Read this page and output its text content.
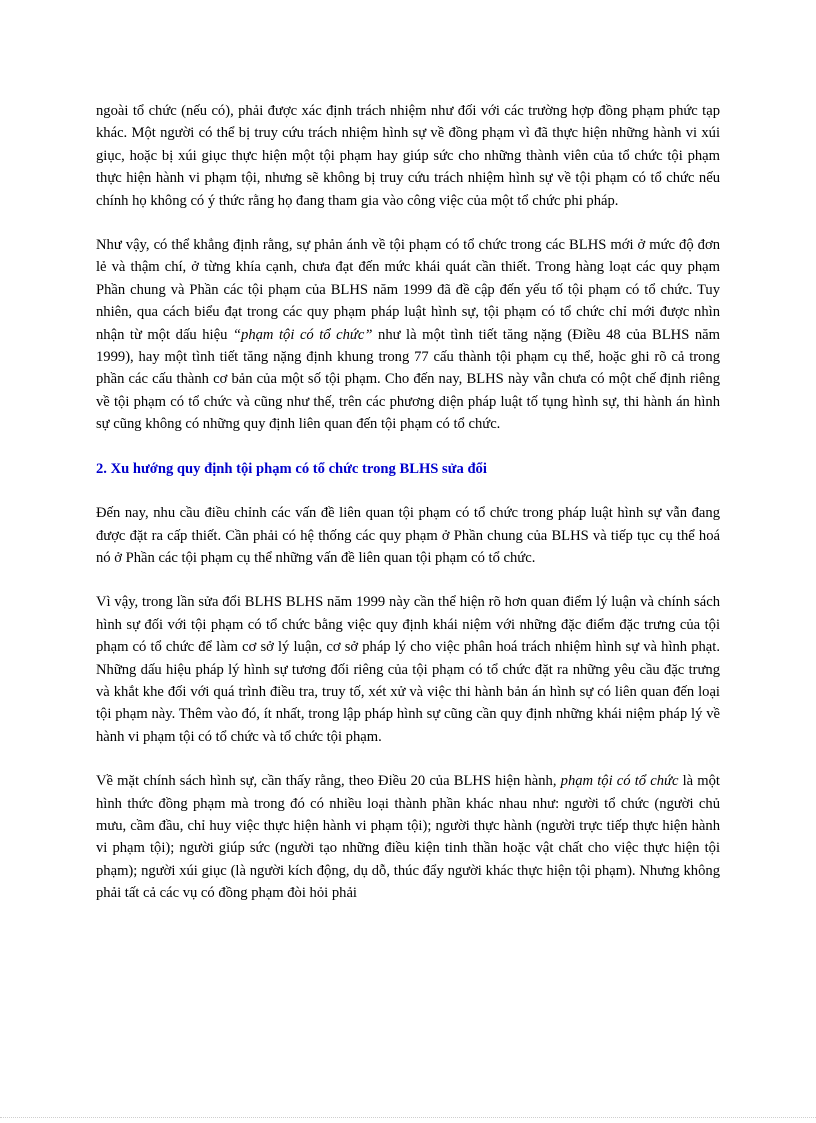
ngoài tổ chức (nếu có), phải được xác định trách nhiệm như đối với các trường hợp đồng phạm phức tạp khác. Một người có thể bị truy cứu trách nhiệm hình sự về đồng phạm vì đã thực hiện những hành vi xúi giục, hoặc bị xúi giục thực hiện một tội phạm hay giúp sức cho những thành viên của tổ chức tội phạm thực hiện hành vi phạm tội, nhưng sẽ không bị truy cứu trách nhiệm hình sự về tội phạm có tổ chức nếu chính họ không có ý thức rằng họ đang tham gia vào công việc của một tổ chức phi pháp.

Như vậy, có thể khẳng định rằng, sự phản ánh về tội phạm có tổ chức trong các BLHS mới ở mức độ đơn lẻ và thậm chí, ở từng khía cạnh, chưa đạt đến mức khái quát cần thiết. Trong hàng loạt các quy phạm Phần chung và Phần các tội phạm của BLHS năm 1999 đã đề cập đến yếu tố tội phạm có tổ chức. Tuy nhiên, qua cách biểu đạt trong các quy phạm pháp luật hình sự, tội phạm có tổ chức chỉ mới được nhìn nhận từ một dấu hiệu “phạm tội có tổ chức” như là một tình tiết tăng nặng (Điều 48 của BLHS năm 1999), hay một tình tiết tăng nặng định khung trong 77 cấu thành tội phạm cụ thể, hoặc ghi rõ cả trong phần các cấu thành cơ bản của một số tội phạm. Cho đến nay, BLHS này vẫn chưa có một chế định riêng về tội phạm có tổ chức và cũng như thế, trên các phương diện pháp luật tố tụng hình sự, thi hành án hình sự cũng không có những quy định liên quan đến tội phạm có tổ chức.

2. Xu hướng quy định tội phạm có tổ chức trong BLHS sửa đổi

Đến nay, nhu cầu điều chỉnh các vấn đề liên quan tội phạm có tổ chức trong pháp luật hình sự vẫn đang được đặt ra cấp thiết. Cần phải có hệ thống các quy phạm ở Phần chung của BLHS và tiếp tục cụ thể hoá nó ở Phần các tội phạm cụ thể những vấn đề liên quan tội phạm có tổ chức.

Vì vậy, trong lần sửa đổi BLHS BLHS năm 1999 này cần thể hiện rõ hơn quan điểm lý luận và chính sách hình sự đối với tội phạm có tổ chức bằng việc quy định khái niệm với những đặc điểm đặc trưng của tội phạm có tổ chức để làm cơ sở lý luận, cơ sở pháp lý cho việc phân hoá trách nhiệm hình sự và hình phạt. Những dấu hiệu pháp lý hình sự tương đối riêng của tội phạm có tổ chức đặt ra những yêu cầu đặc trưng và khắt khe đối với quá trình điều tra, truy tố, xét xử và việc thi hành bản án hình sự có liên quan đến loại tội phạm này. Thêm vào đó, ít nhất, trong lập pháp hình sự cũng cần quy định những khái niệm pháp lý về hành vi phạm tội có tổ chức và tổ chức tội phạm.

Về mặt chính sách hình sự, cần thấy rằng, theo Điều 20 của BLHS hiện hành, phạm tội có tổ chức là một hình thức đồng phạm mà trong đó có nhiều loại thành phần khác nhau như: người tổ chức (người chủ mưu, cầm đầu, chỉ huy việc thực hiện hành vi phạm tội); người thực hành (người trực tiếp thực hiện hành vi phạm tội); người giúp sức (người tạo những điều kiện tinh thần hoặc vật chất cho việc thực hiện tội phạm); người xúi giục (là người kích động, dụ dỗ, thúc đẩy người khác thực hiện tội phạm). Nhưng không phải tất cả các vụ có đồng phạm đòi hỏi phải
